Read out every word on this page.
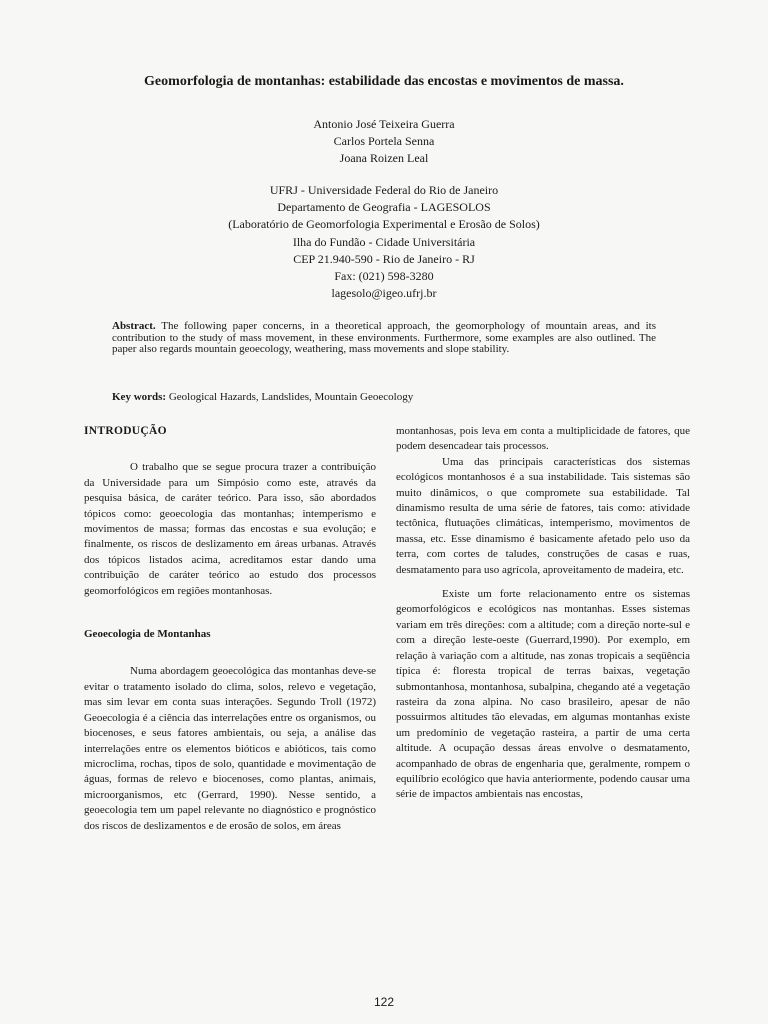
Geomorfologia de montanhas: estabilidade das encostas e movimentos de massa.
Antonio José Teixeira Guerra
Carlos Portela Senna
Joana Roizen Leal
UFRJ - Universidade Federal do Rio de Janeiro
Departamento de Geografia - LAGESOLOS
(Laboratório de Geomorfologia Experimental e Erosão de Solos)
Ilha do Fundão - Cidade Universitária
CEP 21.940-590 - Rio de Janeiro - RJ
Fax: (021) 598-3280
lagesolo@igeo.ufrj.br
Abstract. The following paper concerns, in a theoretical approach, the geomorphology of mountain areas, and its contribution to the study of mass movement, in these environments. Furthermore, some examples are also outlined. The paper also regards mountain geoecology, weathering, mass movements and slope stability.
Key words: Geological Hazards, Landslides, Mountain Geoecology

INTRODUÇÃO

O trabalho que se segue procura trazer a contribuição da Universidade para um Simpósio como este, através da pesquisa básica, de caráter teórico. Para isso, são abordados tópicos como: geoecologia das montanhas; intemperismo e movimentos de massa; formas das encostas e sua evolução; e finalmente, os riscos de deslizamento em áreas urbanas. Através dos tópicos listados acima, acreditamos estar dando uma contribuição de caráter teórico ao estudo dos processos geomorfológicos em regiões montanhosas.

Geoecologia de Montanhas

Numa abordagem geoecológica das montanhas deve-se evitar o tratamento isolado do clima, solos, relevo e vegetação, mas sim levar em conta suas interações. Segundo Troll (1972) Geoecologia é a ciência das interrelações entre os organismos, ou biocenoses, e seus fatores ambientais, ou seja, a análise das interrelações entre os elementos bióticos e abióticos, tais como microclima, rochas, tipos de solo, quantidade e movimentação de águas, formas de relevo e biocenoses, como plantas, animais, microorganismos, etc (Gerrard, 1990). Nesse sentido, a geoecologia tem um papel relevante no diagnóstico e prognóstico dos riscos de deslizamentos e de erosão de solos, em áreas

montanhosas, pois leva em conta a multiplicidade de fatores, que podem desencadear tais processos.

Uma das principais características dos sistemas ecológicos montanhosos é a sua instabilidade. Tais sistemas são muito dinâmicos, o que compromete sua estabilidade. Tal dinamismo resulta de uma série de fatores, tais como: atividade tectônica, flutuações climáticas, intemperismo, movimentos de massa, etc. Esse dinamismo é basicamente afetado pelo uso da terra, com cortes de taludes, construções de casas e ruas, desmatamento para uso agrícola, aproveitamento de madeira, etc.

Existe um forte relacionamento entre os sistemas geomorfológicos e ecológicos nas montanhas. Esses sistemas variam em três direções: com a altitude; com a direção norte-sul e com a direção leste-oeste (Guerrard,1990). Por exemplo, em relação à variação com a altitude, nas zonas tropicais a seqüência típica é: floresta tropical de terras baixas, vegetação submontanhosa, montanhosa, subalpina, chegando até a vegetação rasteira da zona alpina. No caso brasileiro, apesar de não possuirmos altitudes tão elevadas, em algumas montanhas existe um predomínio de vegetação rasteira, a partir de uma certa altitude. A ocupação dessas áreas envolve o desmatamento, acompanhado de obras de engenharia que, geralmente, rompem o equilíbrio ecológico que havia anteriormente, podendo causar uma série de impactos ambientais nas encostas,

122
